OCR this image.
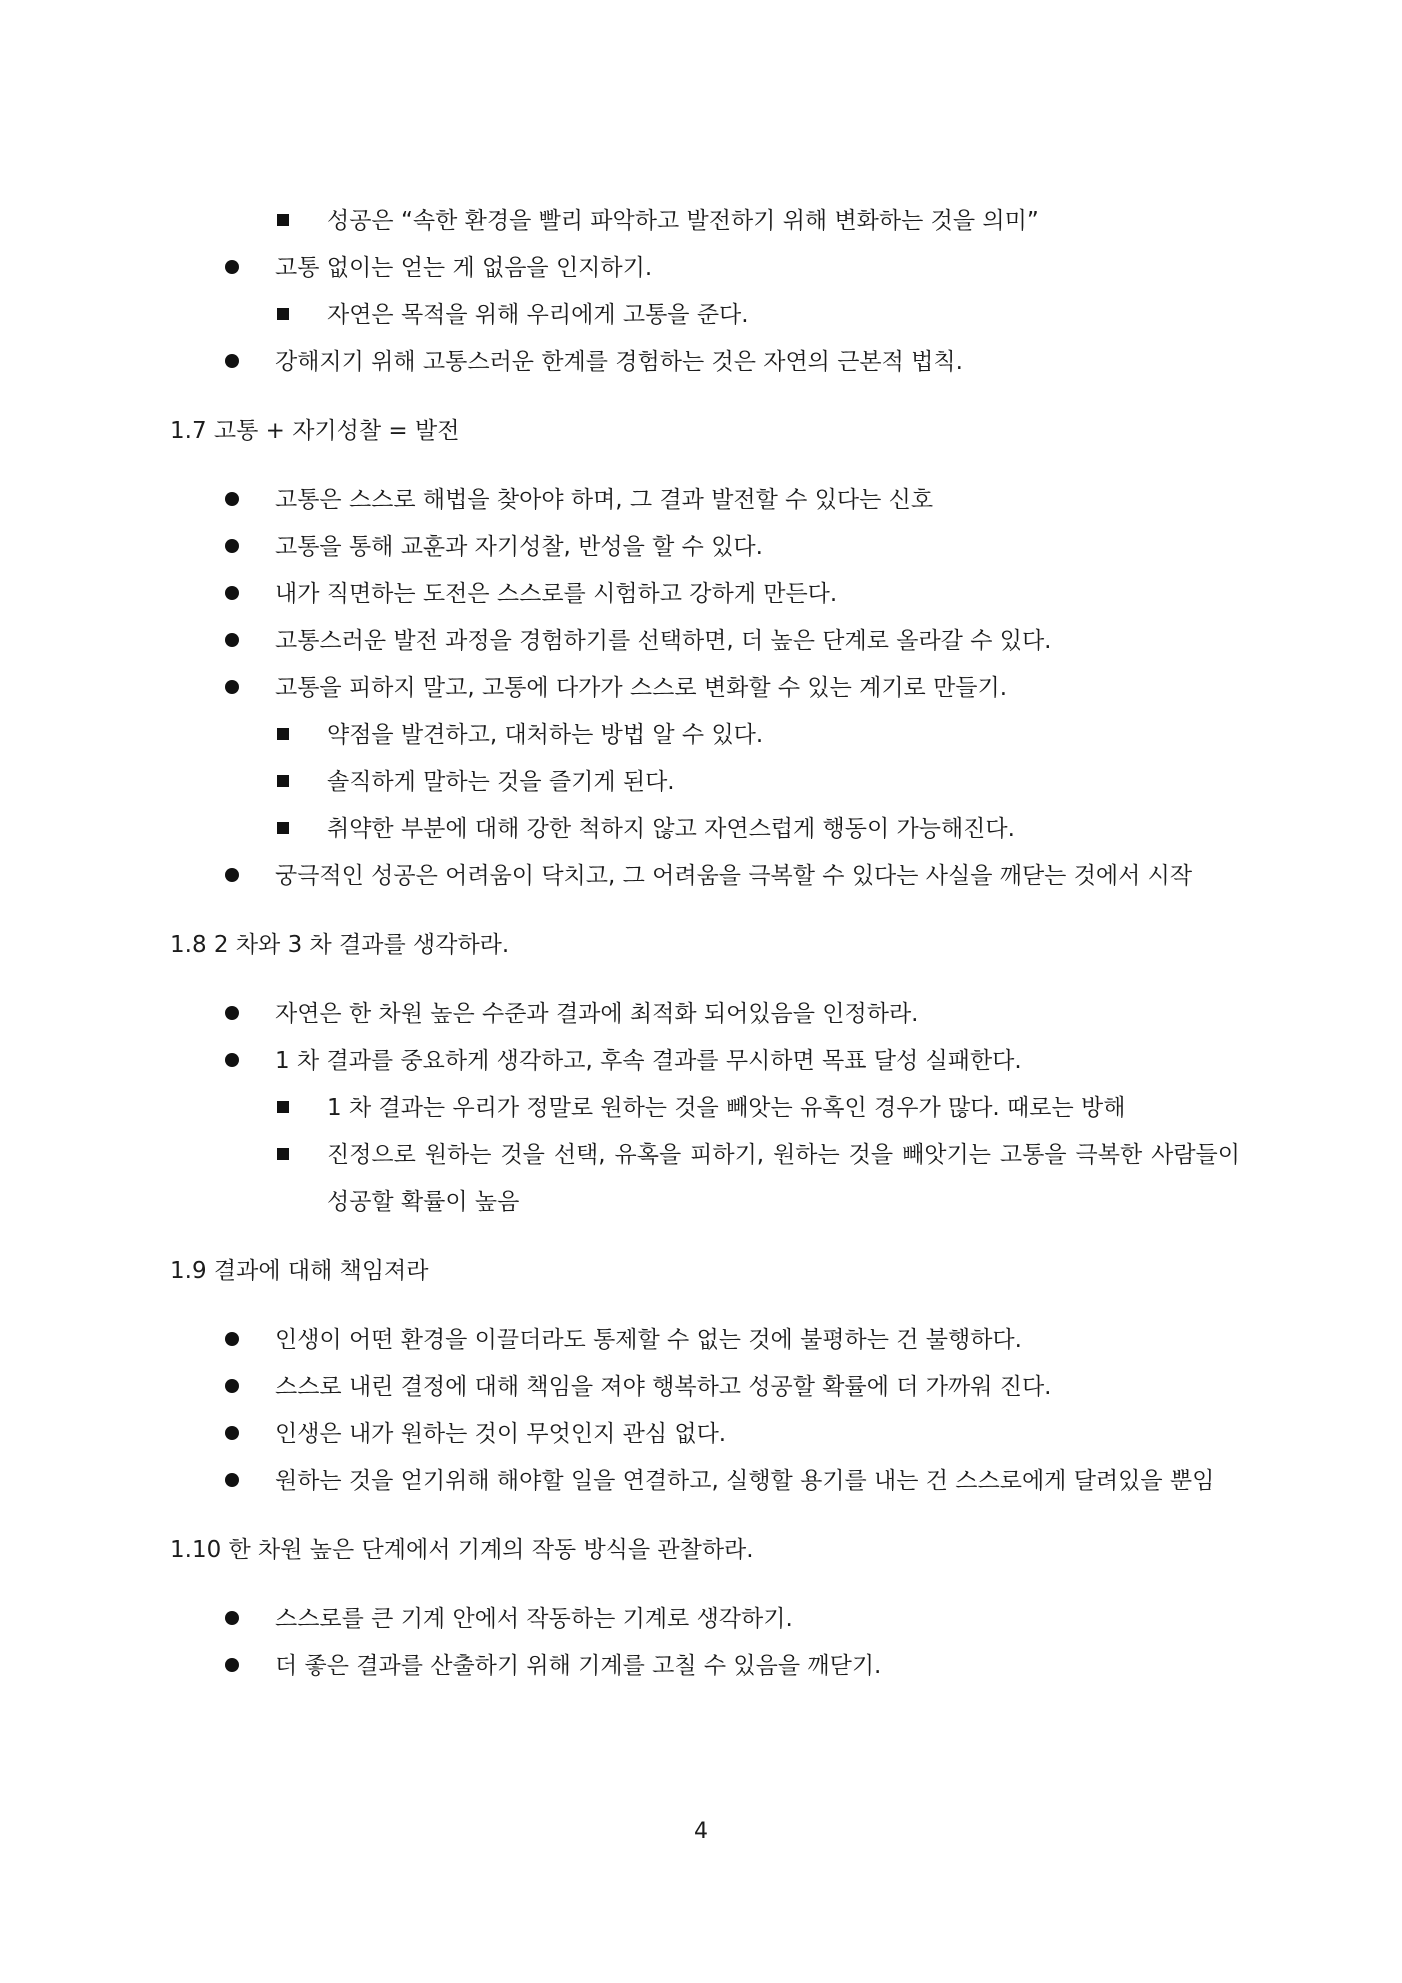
성공은 “속한 환경을 빨리 파악하고 발전하기 위해 변화하는 것을 의미”
고통 없이는 얻는 게 없음을 인지하기.
자연은 목적을 위해 우리에게 고통을 준다.
강해지기 위해 고통스러운 한계를 경험하는 것은 자연의 근본적 법칙.
1.7 고통 + 자기성찰 = 발전
고통은 스스로 해법을 찾아야 하며, 그 결과 발전할 수 있다는 신호
고통을 통해 교훈과 자기성찰, 반성을 할 수 있다.
내가 직면하는 도전은 스스로를 시험하고 강하게 만든다.
고통스러운 발전 과정을 경험하기를 선택하면, 더 높은 단계로 올라갈 수 있다.
고통을 피하지 말고, 고통에 다가가 스스로 변화할 수 있는 계기로 만들기.
약점을 발견하고, 대처하는 방법 알 수 있다.
솔직하게 말하는 것을 즐기게 된다.
취약한 부분에 대해 강한 척하지 않고 자연스럽게 행동이 가능해진다.
궁극적인 성공은 어려움이 닥치고, 그 어려움을 극복할 수 있다는 사실을 깨닫는 것에서 시작
1.8 2 차와 3 차 결과를 생각하라.
자연은 한 차원 높은 수준과 결과에 최적화 되어있음을 인정하라.
1 차 결과를 중요하게 생각하고, 후속 결과를 무시하면 목표 달성 실패한다.
1 차 결과는 우리가 정말로 원하는 것을 빼앗는 유혹인 경우가 많다. 때로는 방해
진정으로 원하는 것을 선택, 유혹을 피하기, 원하는 것을 빼앗기는 고통을 극복한 사람들이 성공할 확률이 높음
1.9 결과에 대해 책임져라
인생이 어떤 환경을 이끌더라도 통제할 수 없는 것에 불평하는 건 불행하다.
스스로 내린 결정에 대해 책임을 져야 행복하고 성공할 확률에 더 가까워 진다.
인생은 내가 원하는 것이 무엇인지 관심 없다.
원하는 것을 얻기위해 해야할 일을 연결하고, 실행할 용기를 내는 건 스스로에게 달려있을 뿐임
1.10 한 차원 높은 단계에서 기계의 작동 방식을 관찰하라.
스스로를 큰 기계 안에서 작동하는 기계로 생각하기.
더 좋은 결과를 산출하기 위해 기계를 고칠 수 있음을 깨닫기.
4
